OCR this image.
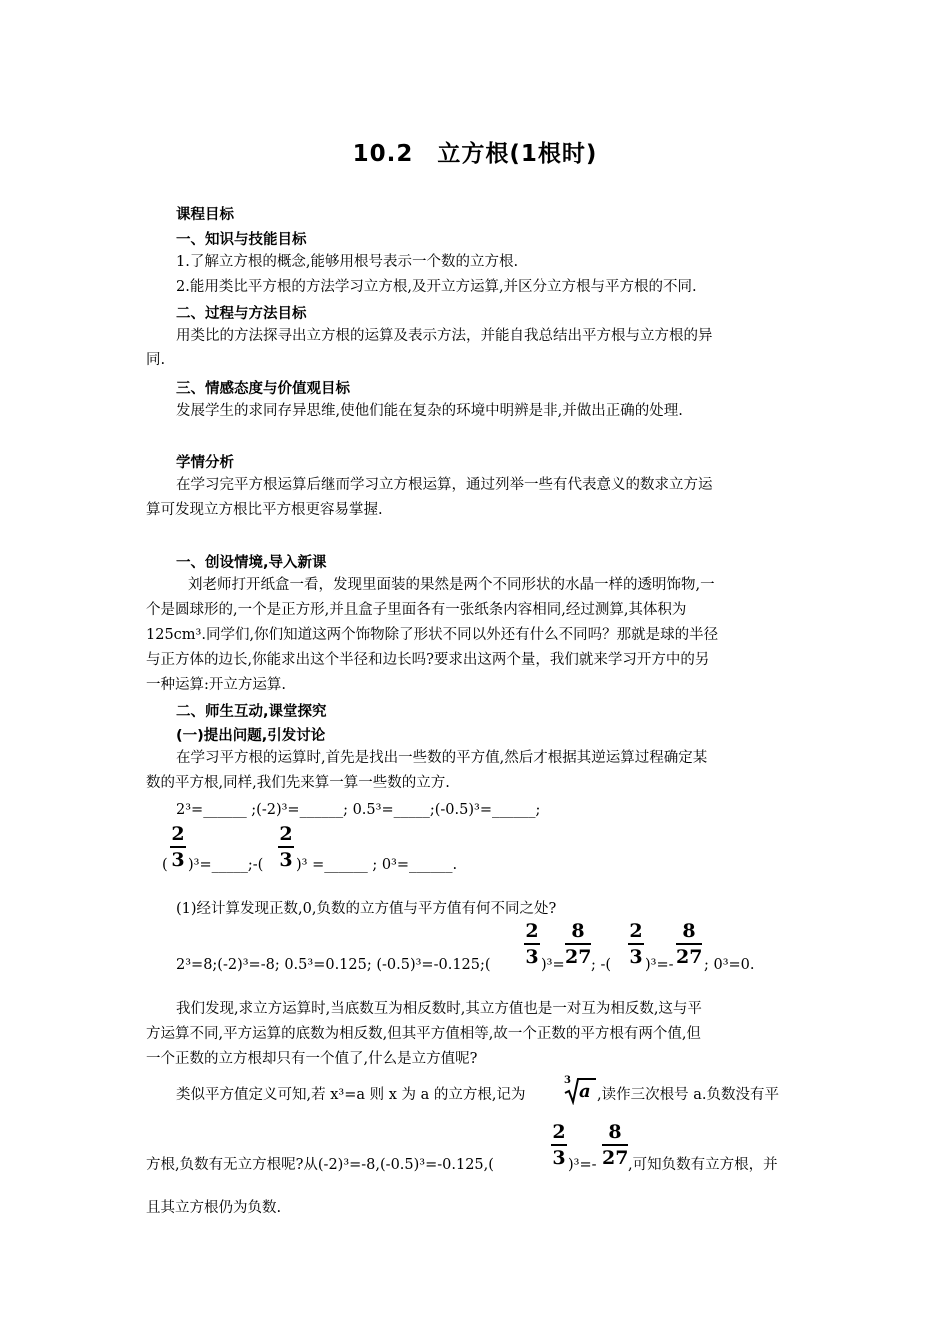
10.2　立方根(1根时)
课程目标
一、知识与技能目标
1.了解立方根的概念,能够用根号表示一个数的立方根.
2.能用类比平方根的方法学习立方根,及开立方运算,并区分立方根与平方根的不同.
二、过程与方法目标
用类比的方法探寻出立方根的运算及表示方法，并能自我总结出平方根与立方根的异
同.
三、情感态度与价值观目标
发展学生的求同存异思维,使他们能在复杂的环境中明辨是非,并做出正确的处理.
学情分析
在学习完平方根运算后继而学习立方根运算，通过列举一些有代表意义的数求立方运
算可发现立方根比平方根更容易掌握.
一、创设情境,导入新课
刘老师打开纸盒一看，发现里面装的果然是两个不同形状的水晶一样的透明饰物,一
个是圆球形的,一个是正方形,并且盒子里面各有一张纸条内容相同,经过测算,其体积为
125cm³.同学们,你们知道这两个饰物除了形状不同以外还有什么不同吗？那就是球的半径
与正方体的边长,你能求出这个半径和边长吗?要求出这两个量，我们就来学习开方中的另
一种运算:开立方运算.
二、师生互动,课堂探究
(一)提出问题,引发讨论
在学习平方根的运算时,首先是找出一些数的平方值,然后才根据其逆运算过程确定某
数的平方根,同样,我们先来算一算一些数的立方.
2³=______ ;(-2)³=______; 0.5³=_____;(-0.5)³=______;
2
3
2
3
( )³=_____;-( )³ =______ ; 0³=______.
(1)经计算发现正数,0,负数的立方值与平方值有何不同之处?
2
3
8
27
2
3
8
27
2³=8;(-2)³=-8; 0.5³=0.125; (-0.5)³=-0.125;(	)³= ; -( )³=- ; 0³=0.
我们发现,求立方运算时,当底数互为相反数时,其立方值也是一对互为相反数,这与平
方运算不同,平方运算的底数为相反数,但其平方值相等,故一个正数的平方根有两个值,但
一个正数的立方根却只有一个值了,什么是立方值呢?
类似平方值定义可知,若 x³=a 则 x 为 a 的立方根,记为
3
a ,读作三次根号 a.负数没有平
2
3
8
27
方根,负数有无立方根呢?从(-2)³=-8,(-0.5)³=-0.125,(	)³=- ,可知负数有立方根，并
且其立方根仍为负数.
